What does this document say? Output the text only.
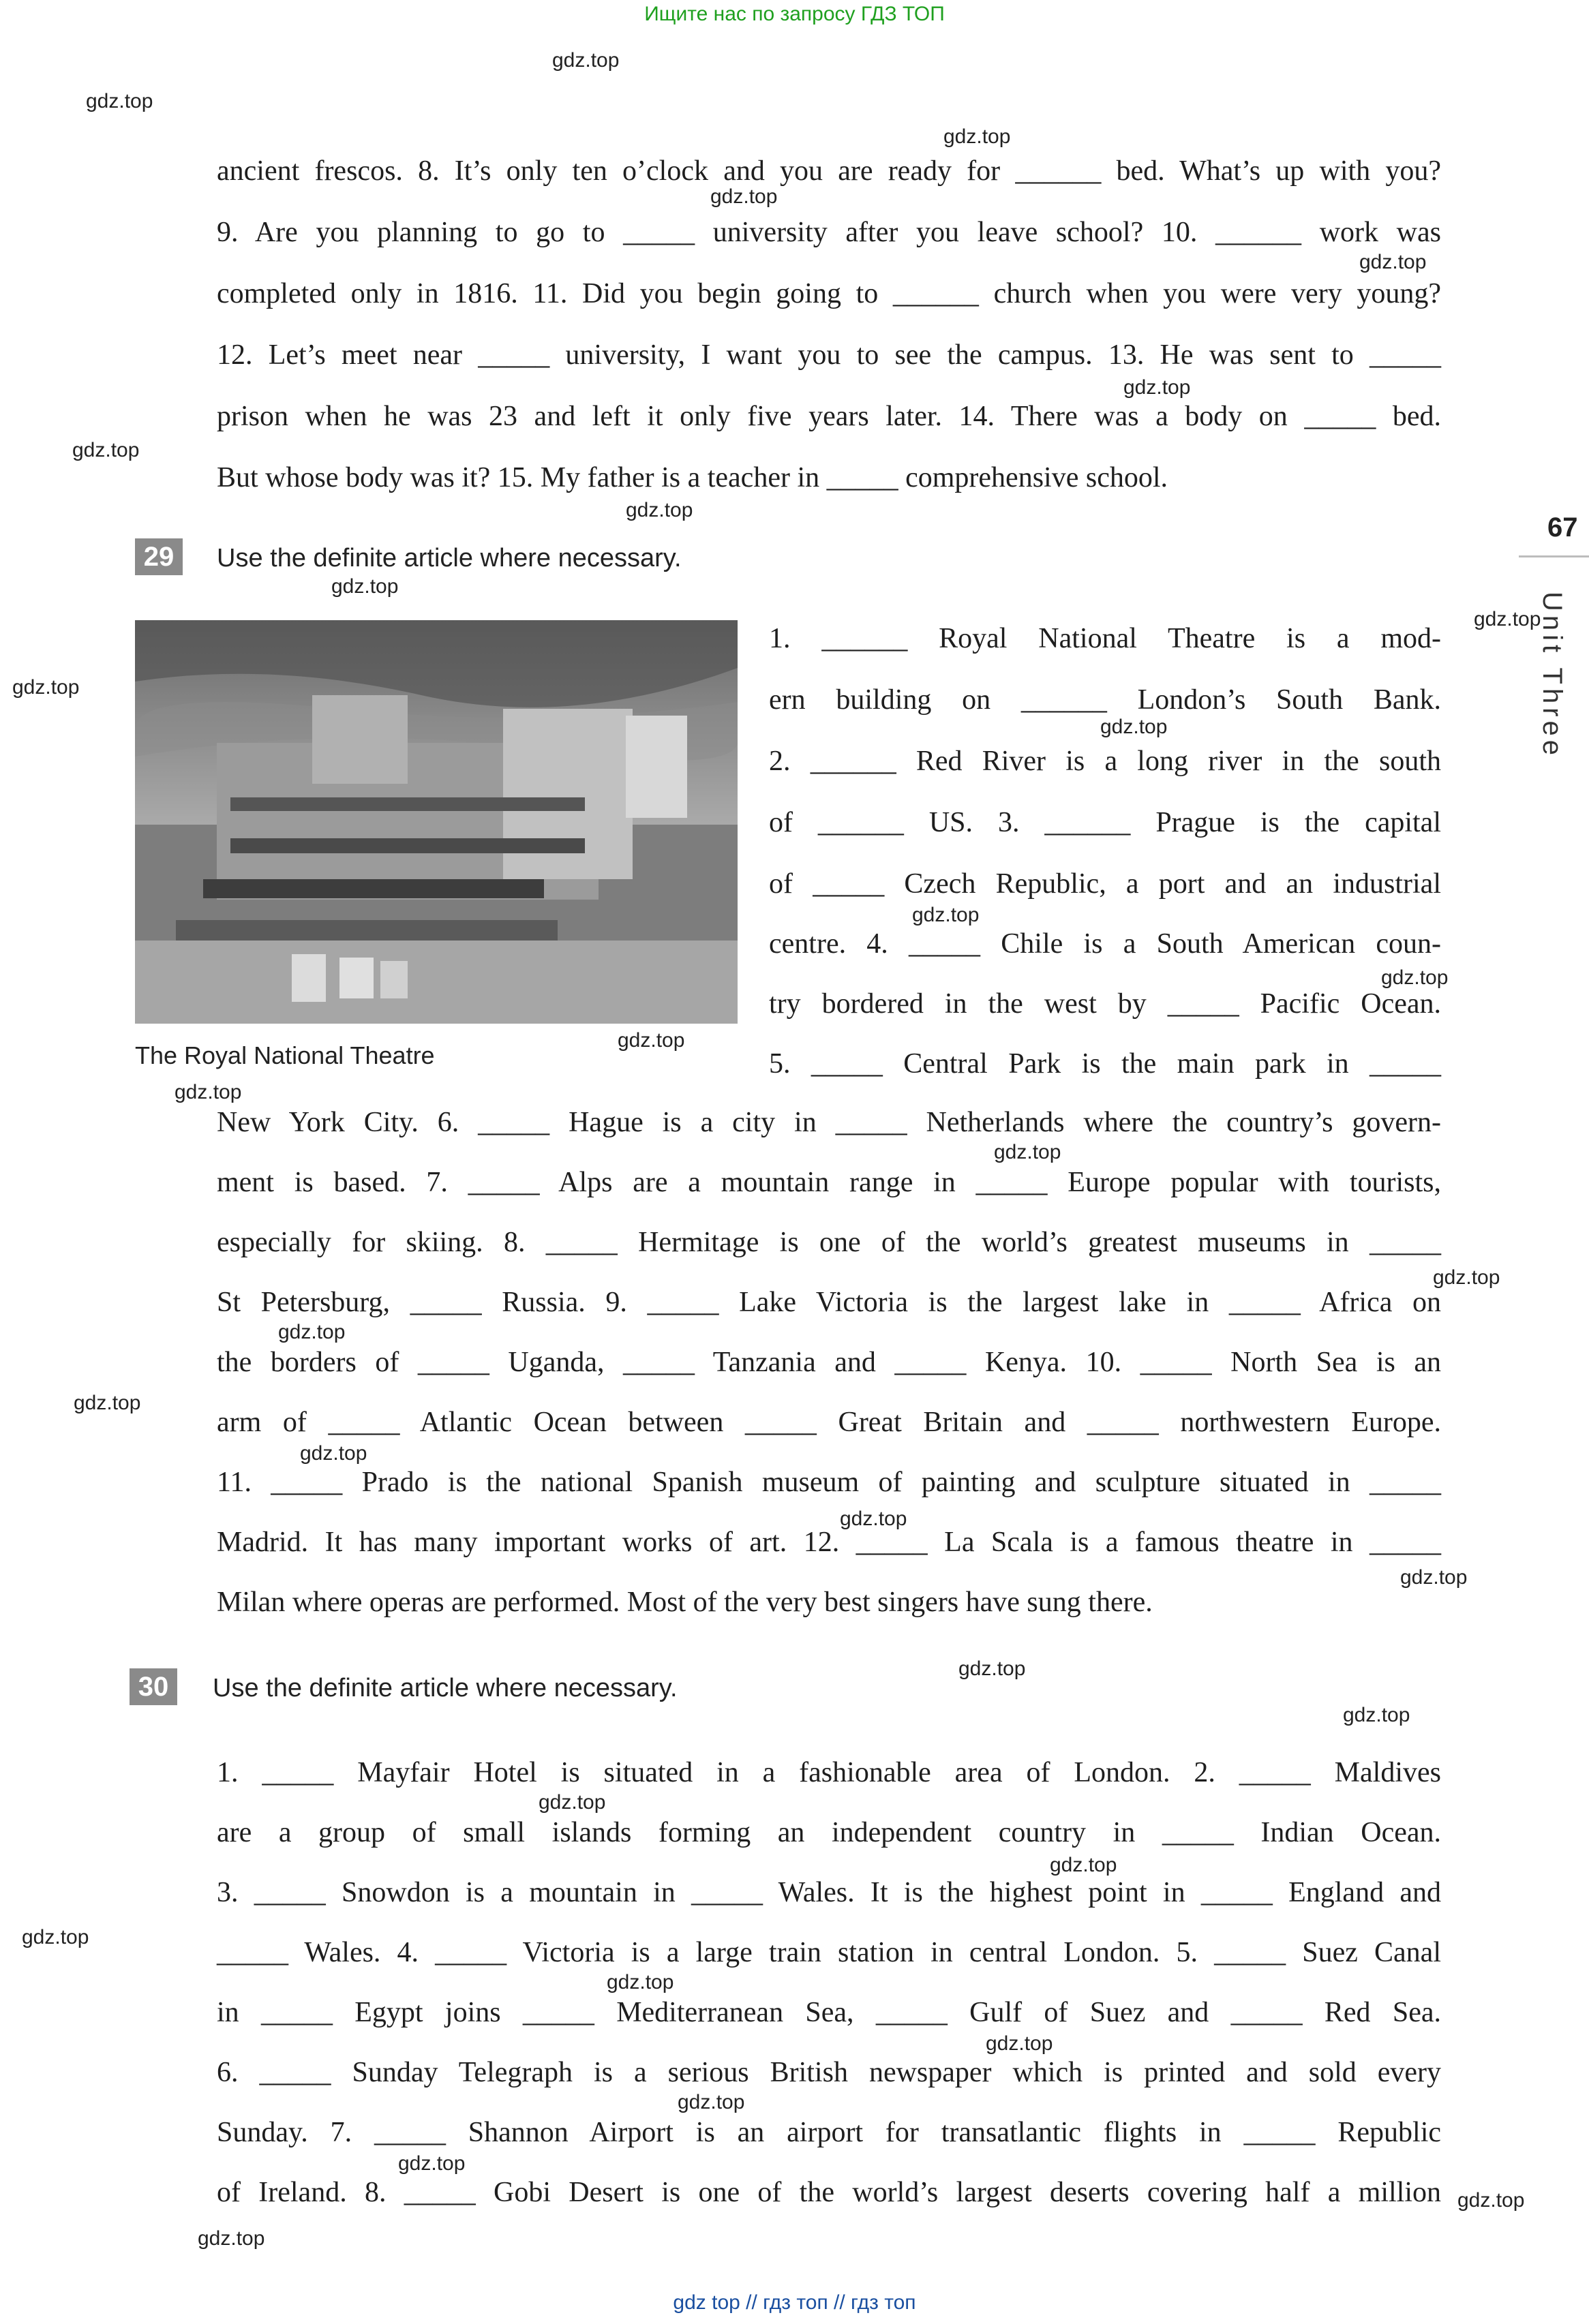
Ищите нас по запросу ГДЗ ТОП
gdz top // гдз топ // гдз топ
gdz.top
gdz.top
gdz.top
gdz.top
gdz.top
gdz.top
gdz.top
gdz.top
gdz.top
gdz.top
gdz.top
gdz.top
gdz.top
gdz.top
gdz.top
gdz.top
gdz.top
gdz.top
gdz.top
gdz.top
gdz.top
gdz.top
gdz.top
gdz.top
gdz.top
gdz.top
gdz.top
gdz.top
gdz.top
gdz.top
gdz.top
gdz.top
gdz.top
gdz.top
67
Unit Three
ancient frescos. 8. It’s only ten o’clock and you are ready for ______ bed. What’s up with you?
9. Are you planning to go to _____ university after you leave school? 10. ______ work was
completed only in 1816. 11. Did you begin going to ______ church when you were very young?
12. Let’s meet near _____ university, I want you to see the campus. 13. He was sent to _____
prison when he was 23 and left it only five years later. 14. There was a body on _____ bed.
But whose body was it? 15. My father is a teacher in _____ comprehensive school.
29	Use the definite article where necessary.
The Royal National Theatre
1. ______ Royal National Theatre is a mod-
ern building on ______ London’s South Bank.
2. ______ Red River is a long river in the south
of ______ US. 3. ______ Prague is the capital
of _____ Czech Republic, a port and an industrial
centre. 4. _____ Chile is a South American coun-
try bordered in the west by _____ Pacific Ocean.
5. _____ Central Park is the main park in _____
New York City. 6. _____ Hague is a city in _____ Netherlands where the country’s govern-
ment is based. 7. _____ Alps are a mountain range in _____ Europe popular with tourists,
especially for skiing. 8. _____ Hermitage is one of the world’s greatest museums in _____
St Petersburg, _____ Russia. 9. _____ Lake Victoria is the largest lake in _____ Africa on
the borders of _____ Uganda, _____ Tanzania and _____ Kenya. 10. _____ North Sea is an
arm of _____ Atlantic Ocean between _____ Great Britain and _____ northwestern Europe.
11. _____ Prado is the national Spanish museum of painting and sculpture situated in _____
Madrid. It has many important works of art. 12. _____ La Scala is a famous theatre in _____
Milan where operas are performed. Most of the very best singers have sung there.
30	Use the definite article where necessary.
1. _____ Mayfair Hotel is situated in a fashionable area of London. 2. _____ Maldives
are a group of small islands forming an independent country in _____ Indian Ocean.
3. _____ Snowdon is a mountain in _____ Wales. It is the highest point in _____ England and
_____ Wales. 4. _____ Victoria is a large train station in central London. 5. _____ Suez Canal
in _____ Egypt joins _____ Mediterranean Sea, _____ Gulf of Suez and _____ Red Sea.
6. _____ Sunday Telegraph is a serious British newspaper which is printed and sold every
Sunday. 7. _____ Shannon Airport is an airport for transatlantic flights in _____ Republic
of Ireland. 8. _____ Gobi Desert is one of the world’s largest deserts covering half a million
